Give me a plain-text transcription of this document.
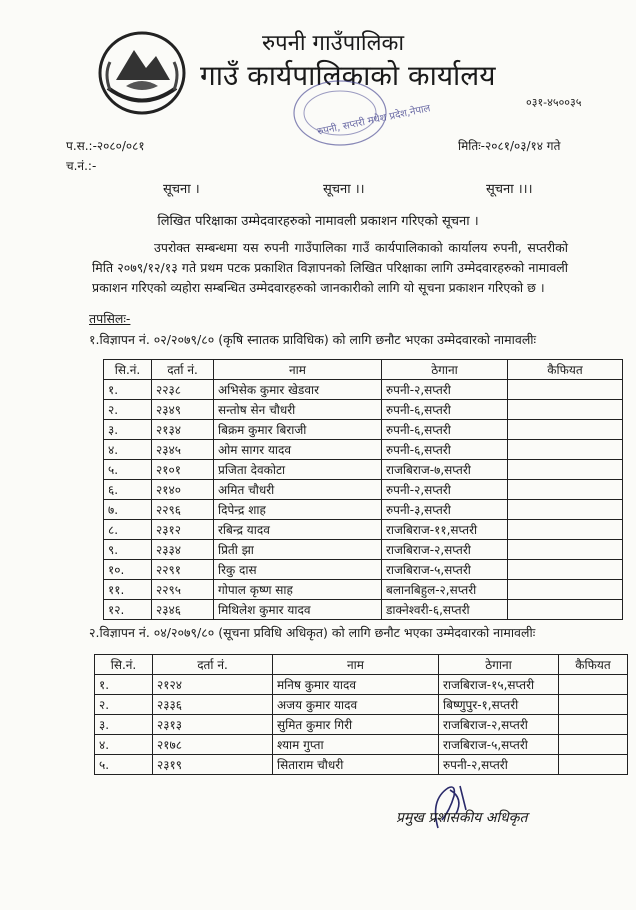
रुपनी गाउँपालिका
गाउँ कार्यपालिकाको कार्यालय
०३१-४५००३५
रुपनी, सप्तरी मधेश प्रदेश,नेपाल
प.स.:-२०८०/०८१	मितिः-२०८१/०३/१४ गते
च.नं.:-
सूचना ।	सूचना ।।	सूचना ।।।
लिखित परिक्षाका उम्मेदवारहरुको नामावली प्रकाशन गरिएको सूचना ।

उपरोक्त सम्बन्धमा यस रुपनी गाउँपालिका गाउँ कार्यपालिकाको कार्यालय रुपनी, सप्तरीको मिति २०७९/१२/१३ गते प्रथम पटक प्रकाशित विज्ञापनको लिखित परिक्षाका लागि उम्मेदवारहरुको नामावली प्रकाशन गरिएको व्यहोरा सम्बन्धित उम्मेदवारहरुको जानकारीको लागि यो सूचना प्रकाशन गरिएको छ ।

तपसिलः-
१.विज्ञापन नं. ०२/२०७९/८० (कृषि स्नातक प्राविधिक) को लागि छनौट भएका उम्मेदवारको नामावलीः
सि.नं.	दर्ता नं.	नाम	ठेगाना	कैफियत
१.	२२३८	अभिसेक कुमार खेडवार	रुपनी-२,सप्तरी	
२.	२३४९	सन्तोष सेन चौधरी	रुपनी-६,सप्तरी	
३.	२१३४	बिक्रम कुमार बिराजी	रुपनी-६,सप्तरी	
४.	२३४५	ओम सागर यादव	रुपनी-६,सप्तरी	
५.	२१०१	प्रजिता देवकोटा	राजबिराज-७,सप्तरी	
६.	२१४०	अमित चौधरी	रुपनी-२,सप्तरी	
७.	२२९६	दिपेन्द्र शाह	रुपनी-३,सप्तरी	
८.	२३१२	रबिन्द्र यादव	राजबिराज-११,सप्तरी	
९.	२३३४	प्रिती झा	राजबिराज-२,सप्तरी	
१०.	२२९१	रिकु दास	राजबिराज-५,सप्तरी	
११.	२२९५	गोपाल कृष्ण साह	बलानबिहुल-२,सप्तरी	
१२.	२३४६	मिथिलेश कुमार यादव	डाक्नेश्वरी-६,सप्तरी	
२.विज्ञापन नं. ०४/२०७९/८० (सूचना प्रविधि अधिकृत) को लागि छनौट भएका उम्मेदवारको नामावलीः
सि.नं.	दर्ता नं.	नाम	ठेगाना	कैफियत
१.	२१२४	मनिष कुमार यादव	राजबिराज-१५,सप्तरी	
२.	२३३६	अजय कुमार यादव	बिष्णुपुर-१,सप्तरी	
३.	२३१३	सुमित कुमार गिरी	राजबिराज-२,सप्तरी	
४.	२१७८	श्याम गुप्ता	राजबिराज-५,सप्तरी	
५.	२३१९	सिताराम चौधरी	रुपनी-२,सप्तरी	
प्रमुख प्रशासकीय अधिकृत
